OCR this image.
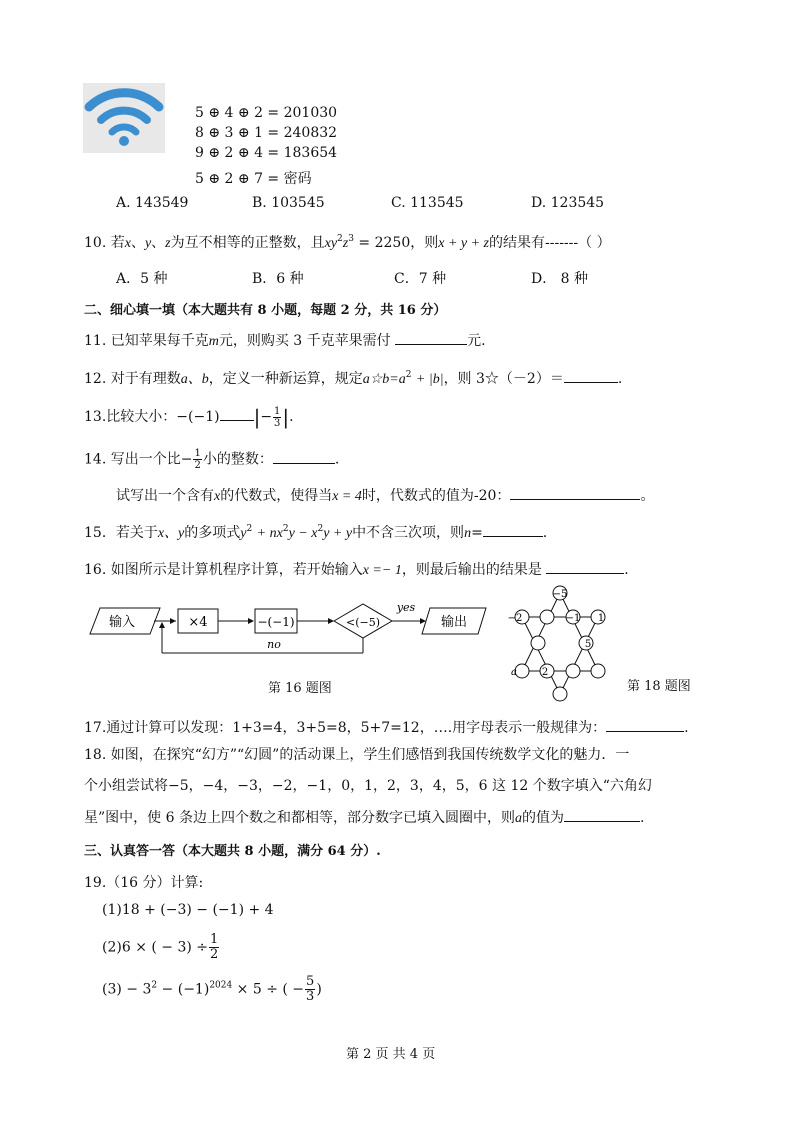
5 ⊕ 4 ⊕ 2 = 201030
8 ⊕ 3 ⊕ 1 = 240832
9 ⊕ 2 ⊕ 4 = 183654
5 ⊕ 2 ⊕ 7 = 密码
A. 143549	B. 103545	C. 113545	D. 123545
10. 若x、y、z为互不相等的正整数，且$xy^2z^3 = 2250$，则x + y + z的结果有-------（ ）
A．5 种	B．6 种	C．7 种	D． 8 种
二、细心填一填（本大题共有 8 小题，每题 2 分，共 16 分）
11. 已知苹果每千克m元，则购买 3 千克苹果需付	元.
12. 对于有理数a、b，定义一种新运算，规定$a☆b=a^2 + |b|$，则 3☆（－2）＝	.
13.比较大小：−(−1) |− $\frac{1}{3}$ |.
14. 写出一个比− $\frac{1}{2}$ 小的整数：	.
试写出一个含有x的代数式，使得当x = 4时，代数式的值为-20：	。
15．若关于x、y的多项式$y^2 + nx^2y - x^2y + y$中不含三次项，则n=	.
16. 如图所示是计算机程序计算，若开始输入x =− 1，则最后输出的结果是	.
输入	×4	−(−1)	<(−5)
yes
输出
no
第 16 题图
−5
−2	−1 1
5
a 2
第 18 题图
17.通过计算可以发现：1+3=4，3+5=8，5+7=12，….用字母表示一般规律为：	.
18. 如图，在探究“幻方”“幻圆”的活动课上，学生们感悟到我国传统数学文化的魅力．一
个小组尝试将−5，−4，−3，−2，−1，0，1，2，3，4，5，6 这 12 个数字填入“六角幻
星”图中，使 6 条边上四个数之和都相等，部分数字已填入圆圈中，则a的值为	.
三、认真答一答（本大题共 8 小题，满分 64 分）.
19.（16 分）计算:
(1)18 + (−3) − (−1) + 4
(2)6 × ( − $3) \div \frac{1}{2}$
$(3) - 3^2 - (-1)^{2024} \times 5$ ÷ ( − $\frac{5}{3}$ )
第 2 页 共 4 页
